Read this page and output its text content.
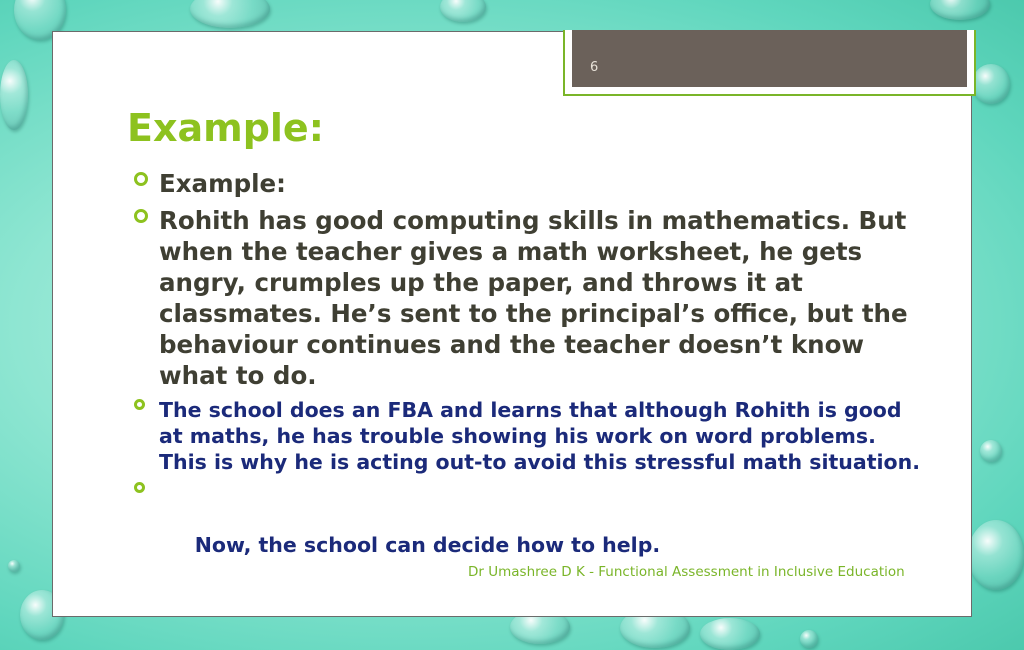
6
Example:
Example:
Rohith has good computing skills in mathematics. But when the teacher gives a math worksheet, he gets angry, crumples up the paper, and throws it at classmates. He’s sent to the principal’s office, but the behaviour continues and the teacher doesn’t know what to do.
The school does an FBA and learns that although Rohith is good at maths, he has trouble showing his work on word problems. This is why he is acting out-to avoid this stressful math situation.

Now, the school can decide how to help.

Dr Umashree D K - Functional Assessment in Inclusive Education
